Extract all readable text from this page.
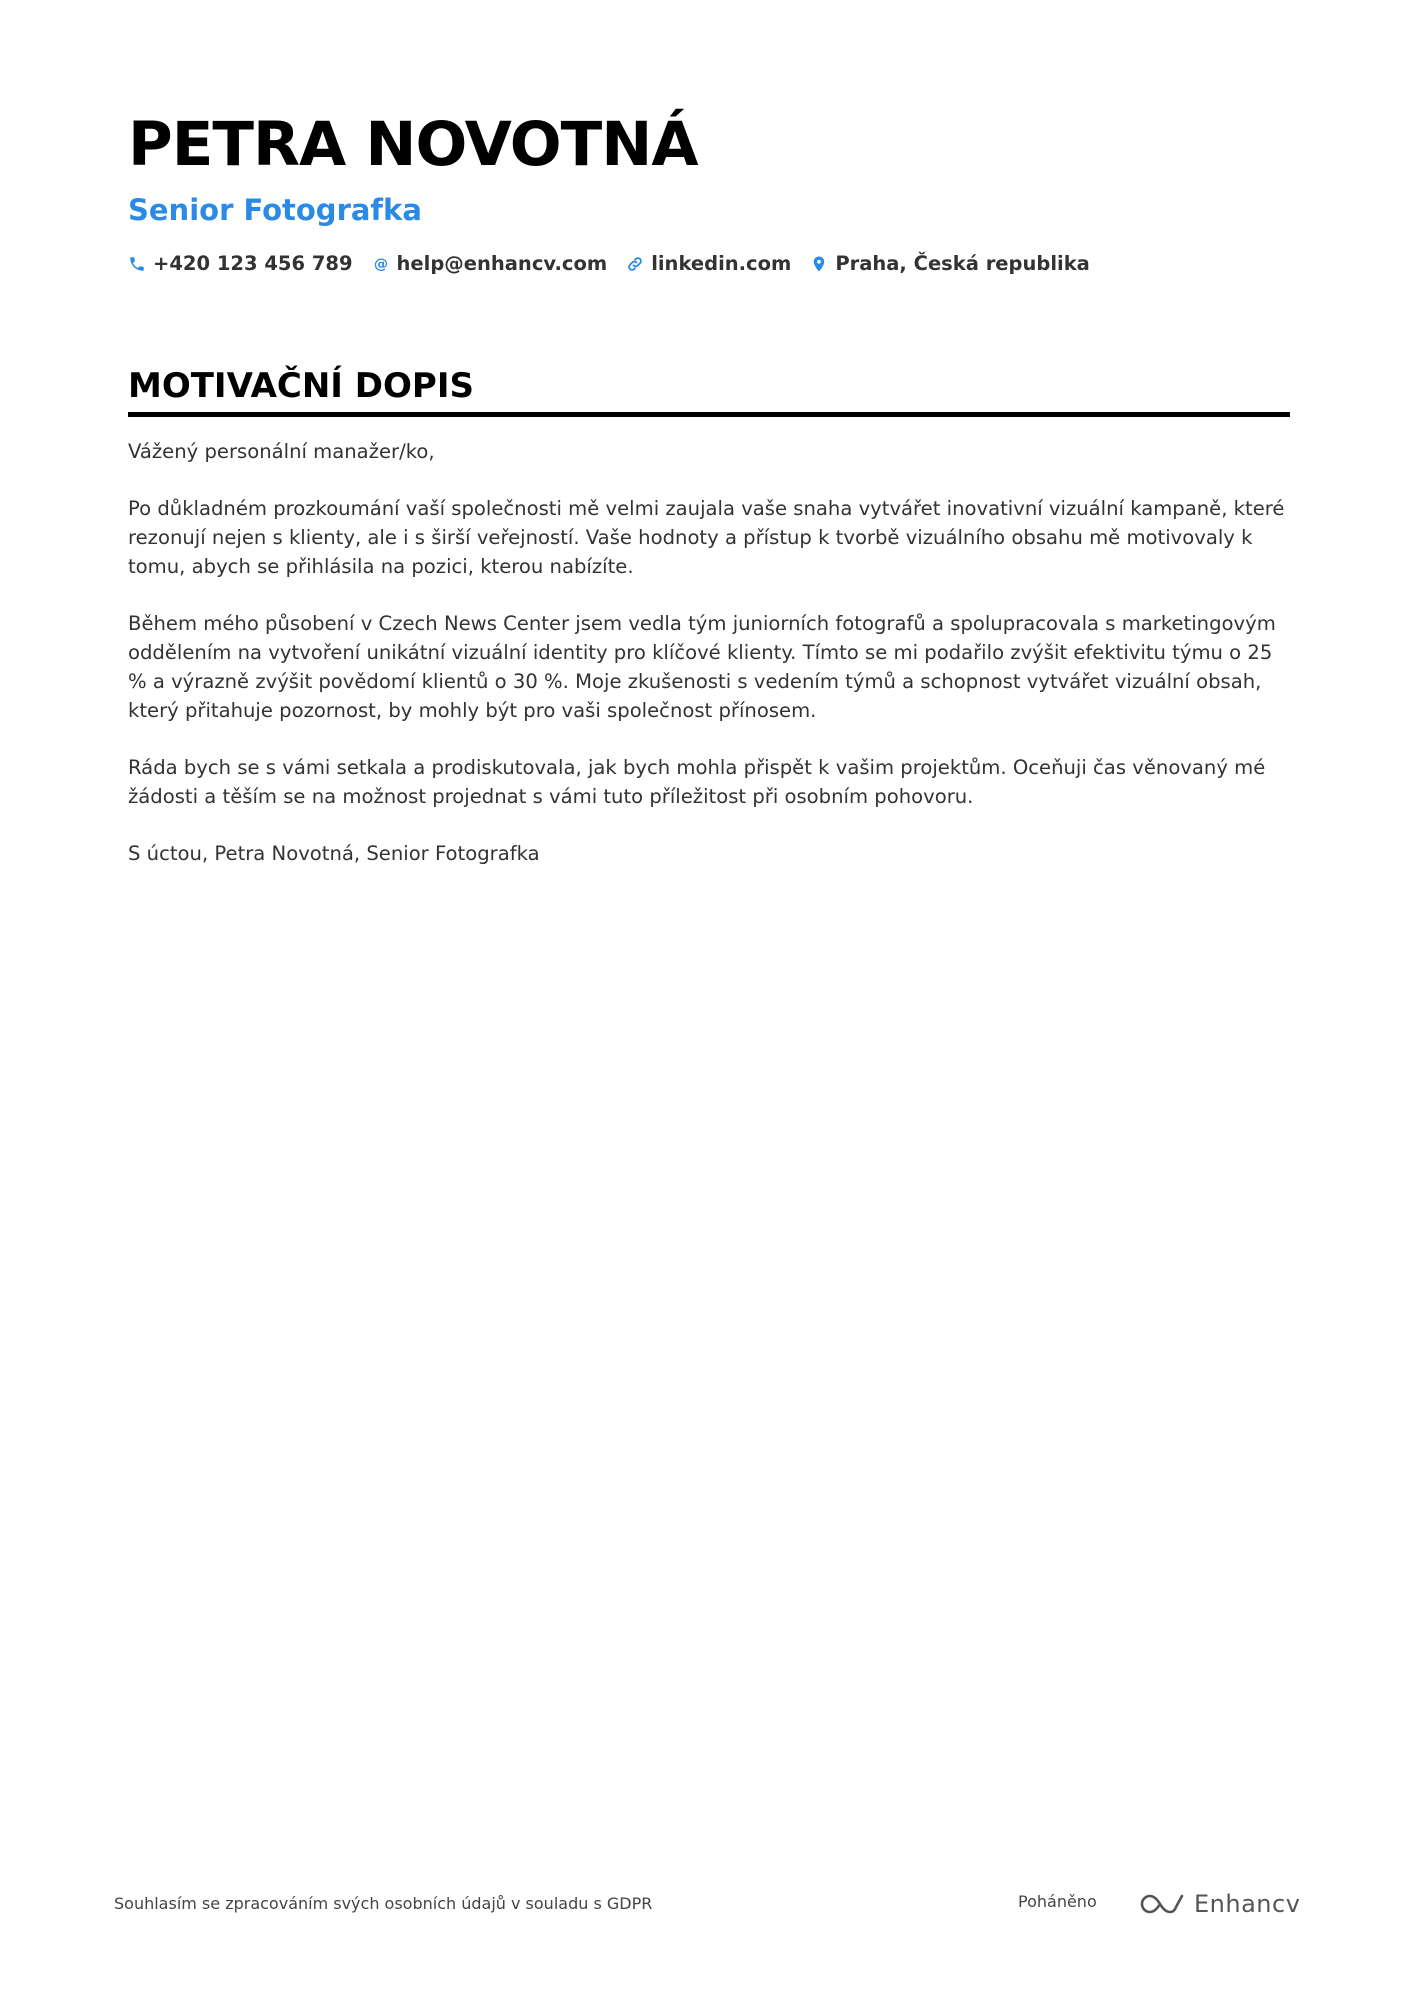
PETRA NOVOTNÁ
Senior Fotografka
+420 123 456 789 @ help@enhancv.com linkedin.com Praha, Česká republika
MOTIVAČNÍ DOPIS

Vážený personální manažer/ko,

Po důkladném prozkoumání vaší společnosti mě velmi zaujala vaše snaha vytvářet inovativní vizuální kampaně, které rezonují nejen s klienty, ale i s širší veřejností. Vaše hodnoty a přístup k tvorbě vizuálního obsahu mě motivovaly k tomu, abych se přihlásila na pozici, kterou nabízíte.

Během mého působení v Czech News Center jsem vedla tým juniorních fotografů a spolupracovala s marketingovým oddělením na vytvoření unikátní vizuální identity pro klíčové klienty. Tímto se mi podařilo zvýšit efektivitu týmu o 25 % a výrazně zvýšit povědomí klientů o 30 %. Moje zkušenosti s vedením týmů a schopnost vytvářet vizuální obsah, který přitahuje pozornost, by mohly být pro vaši společnost přínosem.

Ráda bych se s vámi setkala a prodiskutovala, jak bych mohla přispět k vašim projektům. Oceňuji čas věnovaný mé žádosti a těším se na možnost projednat s vámi tuto příležitost při osobním pohovoru.

S úctou, Petra Novotná, Senior Fotografka

Souhlasím se zpracováním svých osobních údajů v souladu s GDPR	Poháněno	Enhancv
